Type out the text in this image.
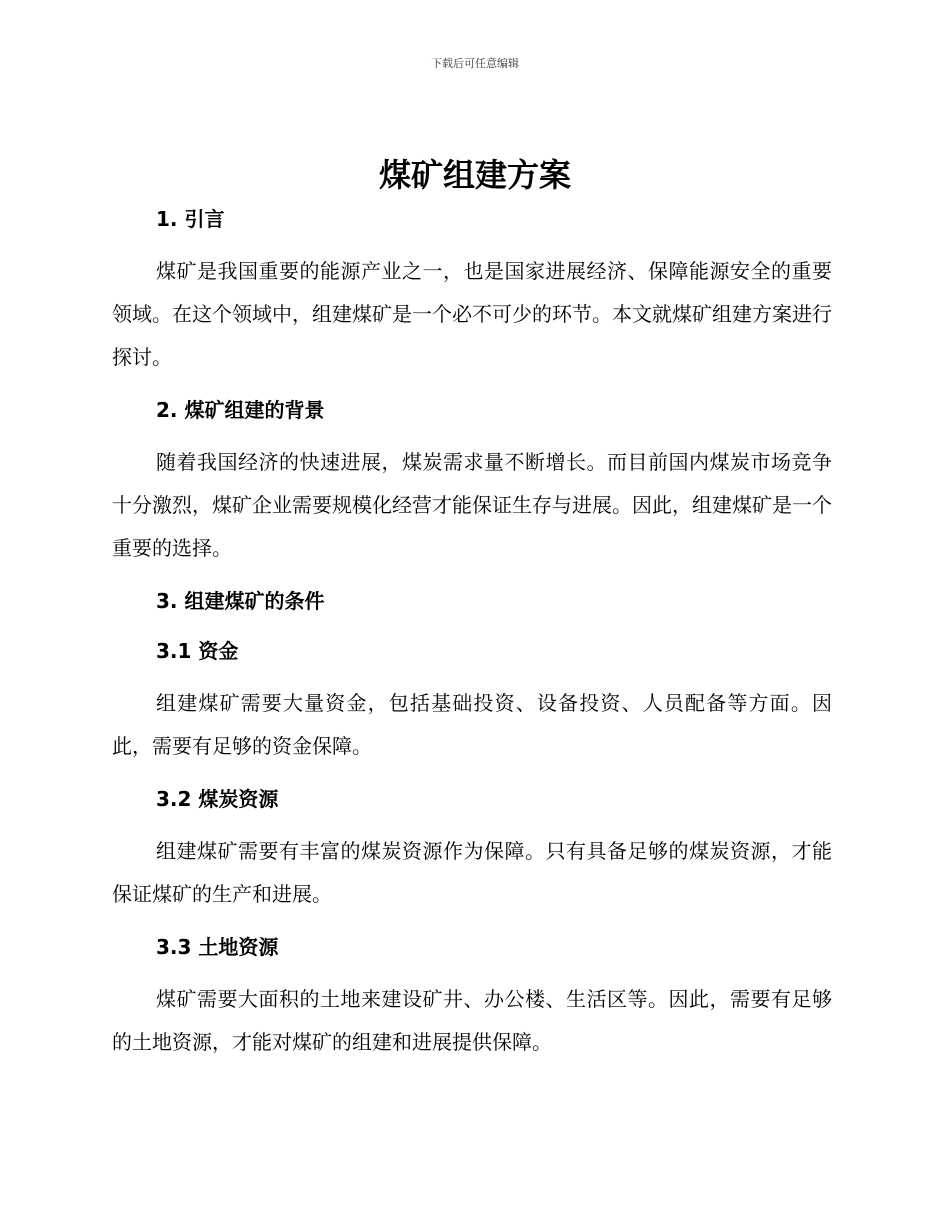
下载后可任意编辑
煤矿组建方案
1. 引言

煤矿是我国重要的能源产业之一，也是国家进展经济、保障能源安全的重要领域。在这个领域中，组建煤矿是一个必不可少的环节。本文就煤矿组建方案进行探讨。

2. 煤矿组建的背景

随着我国经济的快速进展，煤炭需求量不断增长。而目前国内煤炭市场竞争十分激烈，煤矿企业需要规模化经营才能保证生存与进展。因此，组建煤矿是一个重要的选择。

3. 组建煤矿的条件
3.1 资金

组建煤矿需要大量资金，包括基础投资、设备投资、人员配备等方面。因此，需要有足够的资金保障。

3.2 煤炭资源

组建煤矿需要有丰富的煤炭资源作为保障。只有具备足够的煤炭资源，才能保证煤矿的生产和进展。

3.3 土地资源

煤矿需要大面积的土地来建设矿井、办公楼、生活区等。因此，需要有足够的土地资源，才能对煤矿的组建和进展提供保障。
